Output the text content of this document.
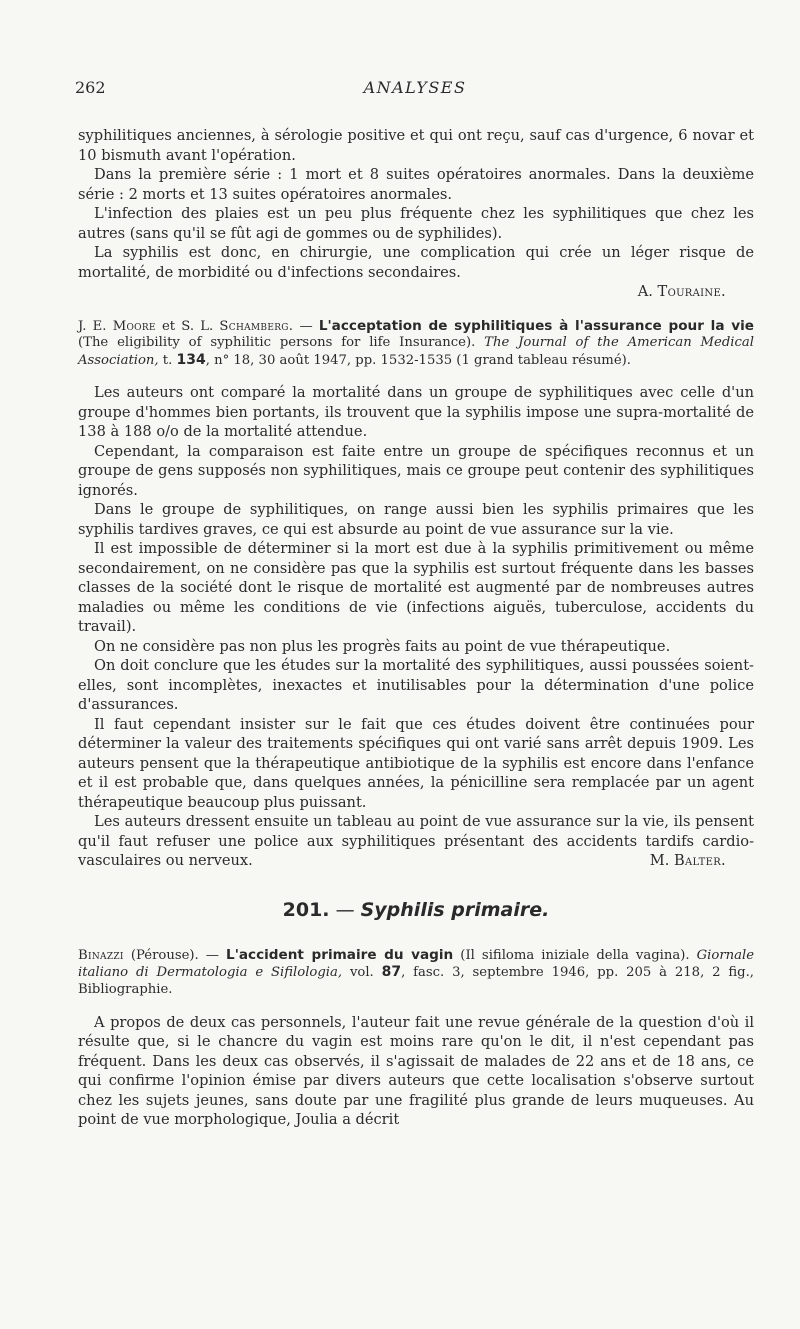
262	ANALYSES

syphilitiques anciennes, à sérologie positive et qui ont reçu, sauf cas d'urgence, 6 novar et 10 bismuth avant l'opération.

Dans la première série : 1 mort et 8 suites opératoires anormales. Dans la deuxième série : 2 morts et 13 suites opératoires anormales.

L'infection des plaies est un peu plus fréquente chez les syphilitiques que chez les autres (sans qu'il se fût agi de gommes ou de syphilides).

La syphilis est donc, en chirurgie, une complication qui crée un léger risque de mortalité, de morbidité ou d'infections secondaires.

A. Touraine.
J. E. Moore et S. L. Schamberg. — L'acceptation de syphilitiques à l'assurance pour la vie (The eligibility of syphilitic persons for life Insurance). The Journal of the American Medical Association, t. 134, n° 18, 30 août 1947, pp. 1532-1535 (1 grand tableau résumé).

Les auteurs ont comparé la mortalité dans un groupe de syphilitiques avec celle d'un groupe d'hommes bien portants, ils trouvent que la syphilis impose une supra-mortalité de 138 à 188 o/o de la mortalité attendue.

Cependant, la comparaison est faite entre un groupe de spécifiques reconnus et un groupe de gens supposés non syphilitiques, mais ce groupe peut contenir des syphilitiques ignorés.

Dans le groupe de syphilitiques, on range aussi bien les syphilis primaires que les syphilis tardives graves, ce qui est absurde au point de vue assurance sur la vie.

Il est impossible de déterminer si la mort est due à la syphilis primitivement ou même secondairement, on ne considère pas que la syphilis est surtout fréquente dans les basses classes de la société dont le risque de mortalité est augmenté par de nombreuses autres maladies ou même les conditions de vie (infections aiguës, tuberculose, accidents du travail).

On ne considère pas non plus les progrès faits au point de vue thérapeutique.

On doit conclure que les études sur la mortalité des syphilitiques, aussi poussées soient-elles, sont incomplètes, inexactes et inutilisables pour la détermination d'une police d'assurances.

Il faut cependant insister sur le fait que ces études doivent être continuées pour déterminer la valeur des traitements spécifiques qui ont varié sans arrêt depuis 1909. Les auteurs pensent que la thérapeutique antibiotique de la syphilis est encore dans l'enfance et il est probable que, dans quelques années, la pénicilline sera remplacée par un agent thérapeutique beaucoup plus puissant.

Les auteurs dressent ensuite un tableau au point de vue assurance sur la vie, ils pensent qu'il faut refuser une police aux syphilitiques présentant des accidents tardifs cardio-vasculaires ou nerveux.	M. Balter.

201. — Syphilis primaire.
Binazzi (Pérouse). — L'accident primaire du vagin (Il sifiloma iniziale della vagina). Giornale italiano di Dermatologia e Sifilologia, vol. 87, fasc. 3, septembre 1946, pp. 205 à 218, 2 fig., Bibliographie.

A propos de deux cas personnels, l'auteur fait une revue générale de la question d'où il résulte que, si le chancre du vagin est moins rare qu'on le dit, il n'est cependant pas fréquent. Dans les deux cas observés, il s'agissait de malades de 22 ans et de 18 ans, ce qui confirme l'opinion émise par divers auteurs que cette localisation s'observe surtout chez les sujets jeunes, sans doute par une fragilité plus grande de leurs muqueuses. Au point de vue morphologique, Joulia a décrit
